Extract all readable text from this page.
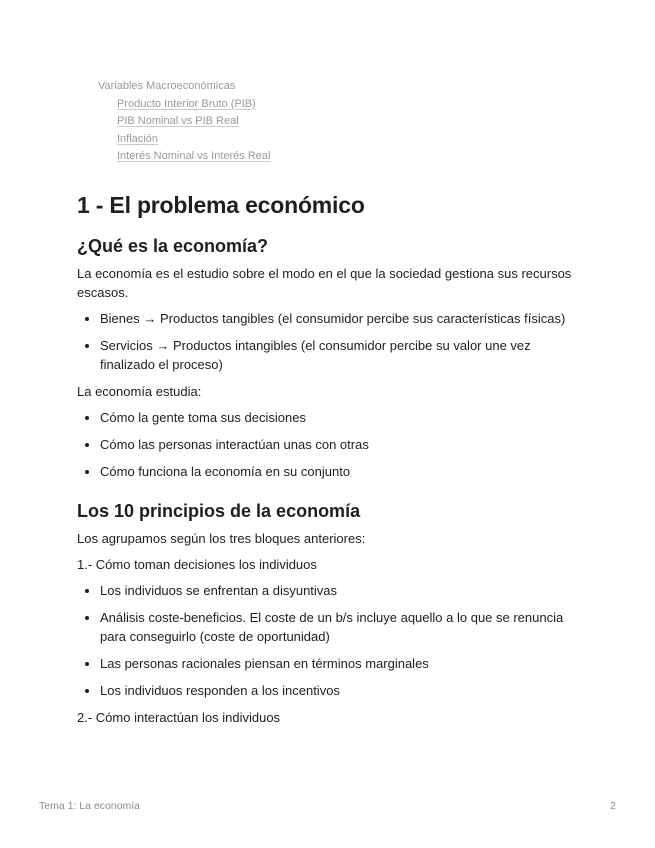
Variables Macroeconómicas
Producto Interior Bruto (PIB)
PIB Nominal vs PIB Real
Inflación
Interés Nominal vs Interés Real
1 - El problema económico
¿Qué es la economía?

La economía es el estudio sobre el modo en el que la sociedad gestiona sus recursos escasos.

• Bienes → Productos tangibles (el consumidor percibe sus características físicas)
• Servicios → Productos intangibles (el consumidor percibe su valor une vez finalizado el proceso)

La economía estudia:

• Cómo la gente toma sus decisiones
• Cómo las personas interactúan unas con otras
• Cómo funciona la economía en su conjunto
Los 10 principios de la economía

Los agrupamos según los tres bloques anteriores:

1.- Cómo toman decisiones los individuos

• Los individuos se enfrentan a disyuntivas
• Análisis coste-beneficios. El coste de un b/s incluye aquello a lo que se renuncia para conseguirlo (coste de oportunidad)
• Las personas racionales piensan en términos marginales
• Los individuos responden a los incentivos

2.- Cómo interactúan los individuos

Tema 1: La economía	2
